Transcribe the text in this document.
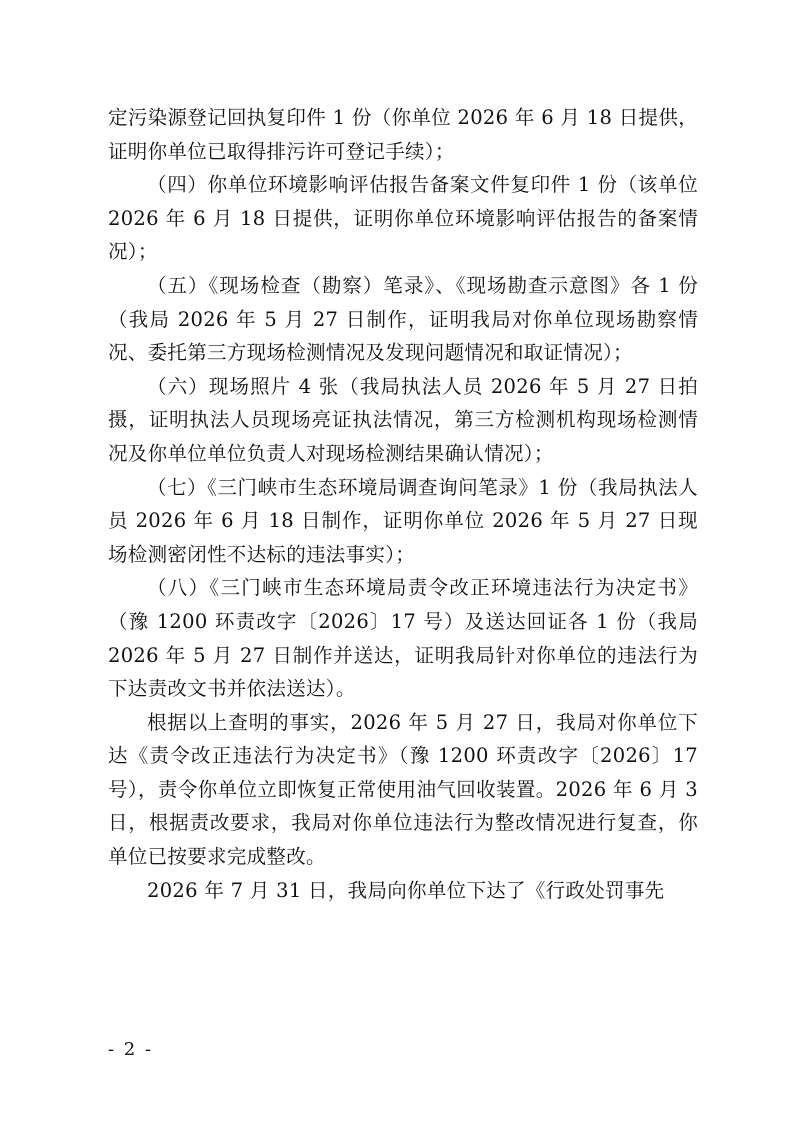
定污染源登记回执复印件 1 份（你单位 2026 年 6 月 18 日提供，证明你单位已取得排污许可登记手续）；

（四）你单位环境影响评估报告备案文件复印件 1 份（该单位 2026 年 6 月 18 日提供，证明你单位环境影响评估报告的备案情况）；

（五）《现场检查（勘察）笔录》、《现场勘查示意图》各 1 份（我局 2026 年 5 月 27 日制作，证明我局对你单位现场勘察情况、委托第三方现场检测情况及发现问题情况和取证情况）；

（六）现场照片 4 张（我局执法人员 2026 年 5 月 27 日拍摄，证明执法人员现场亮证执法情况，第三方检测机构现场检测情况及你单位单位负责人对现场检测结果确认情况）；

（七）《三门峡市生态环境局调查询问笔录》1 份（我局执法人员 2026 年 6 月 18 日制作，证明你单位 2026 年 5 月 27 日现场检测密闭性不达标的违法事实）；

（八）《三门峡市生态环境局责令改正环境违法行为决定书》（豫 1200 环责改字〔2026〕17 号）及送达回证各 1 份（我局 2026 年 5 月 27 日制作并送达，证明我局针对你单位的违法行为下达责改文书并依法送达）。

根据以上查明的事实，2026 年 5 月 27 日，我局对你单位下达《责令改正违法行为决定书》（豫 1200 环责改字〔2026〕17 号），责令你单位立即恢复正常使用油气回收装置。2026 年 6 月 3 日，根据责改要求，我局对你单位违法行为整改情况进行复查，你单位已按要求完成整改。

2026 年 7 月 31 日，我局向你单位下达了《行政处罚事先

- 2 -
